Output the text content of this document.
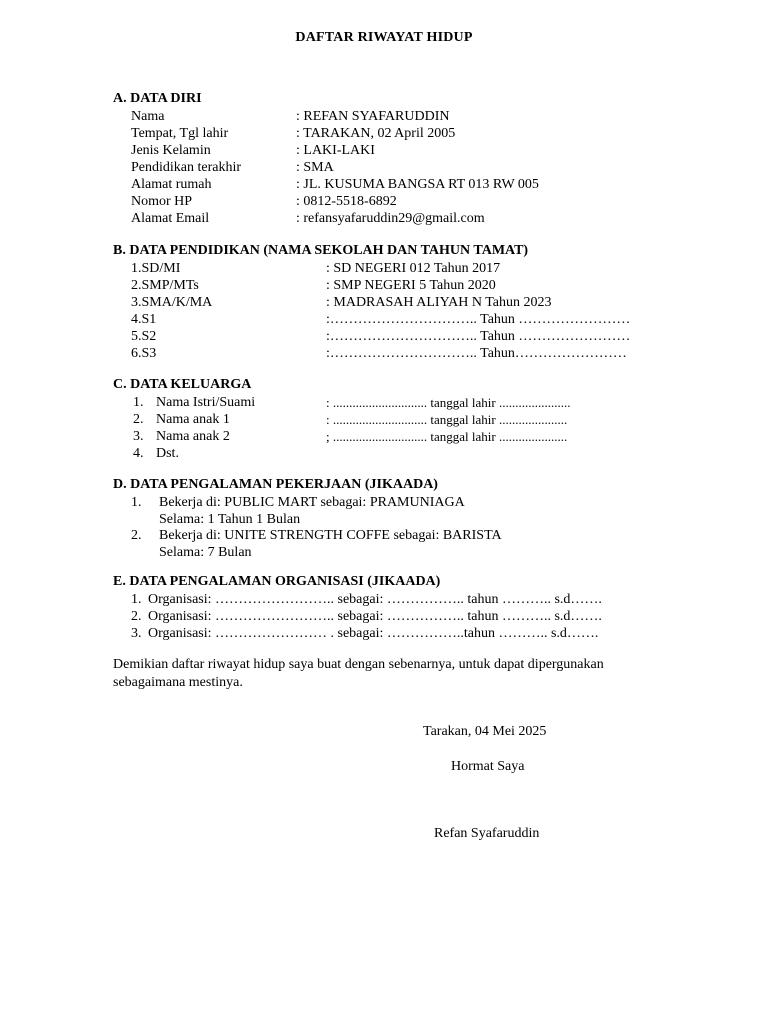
DAFTAR RIWAYAT HIDUP
A. DATA DIRI
Nama	: REFAN SYAFARUDDIN
Tempat, Tgl lahir	: TARAKAN, 02 April 2005
Jenis Kelamin	: LAKI-LAKI
Pendidikan terakhir	: SMA
Alamat rumah	: JL. KUSUMA BANGSA RT 013 RW 005
Nomor HP	: 0812-5518-6892
Alamat Email	: refansyafaruddin29@gmail.com
B. DATA PENDIDIKAN (NAMA SEKOLAH DAN TAHUN TAMAT)
1.SD/MI	: SD NEGERI 012 Tahun 2017
2.SMP/MTs	: SMP NEGERI 5 Tahun 2020
3.SMA/K/MA	: MADRASAH ALIYAH N Tahun 2023
4.S1	:………………………….. Tahun ……………………
5.S2	:………………………….. Tahun ……………………
6.S3	:………………………….. Tahun……………………
C. DATA KELUARGA
1. Nama Istri/Suami	: ............................. tanggal lahir ......................
2. Nama anak 1	: ............................. tanggal lahir .....................
3. Nama anak 2	; ............................. tanggal lahir .....................
4. Dst.
D. DATA PENGALAMAN PEKERJAAN (JIKAADA)
1. Bekerja di: PUBLIC MART sebagai: PRAMUNIAGA
Selama: 1 Tahun 1 Bulan
2. Bekerja di: UNITE STRENGTH COFFE sebagai: BARISTA
Selama: 7 Bulan
E. DATA PENGALAMAN ORGANISASI (JIKAADA)
1. Organisasi: …………………….. sebagai: …………….. tahun ……….. s.d…….
2. Organisasi: …………………….. sebagai: …………….. tahun ……….. s.d…….
3. Organisasi: …………………… . sebagai: ……………..tahun ……….. s.d…….
Demikian daftar riwayat hidup saya buat dengan sebenarnya, untuk dapat dipergunakan sebagaimana mestinya.
Tarakan, 04 Mei 2025
Hormat Saya
Refan Syafaruddin
